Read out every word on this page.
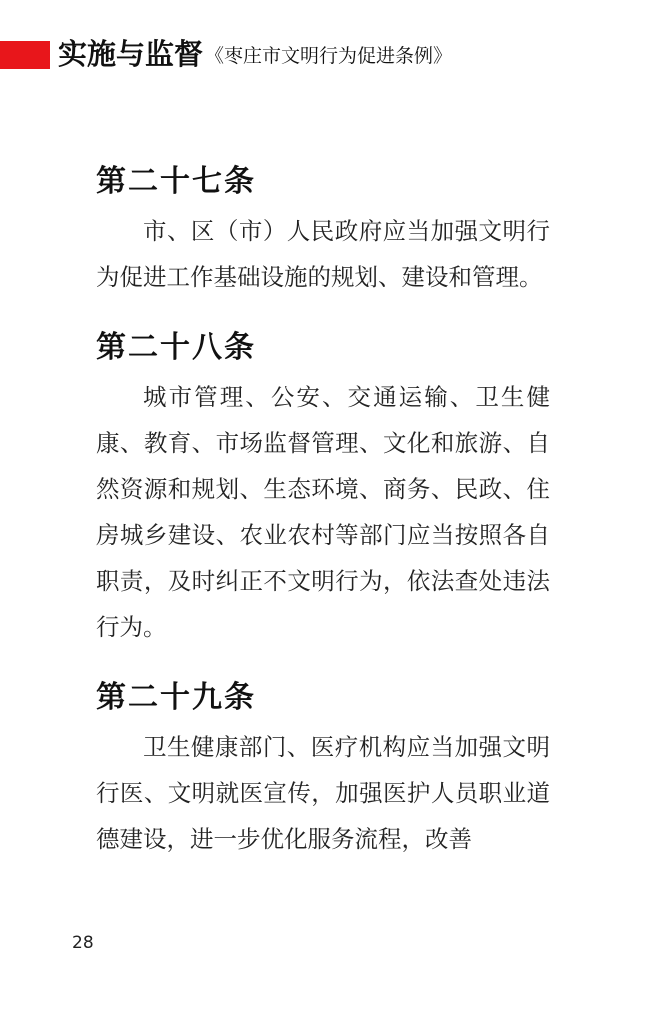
实施与监督 《枣庄市文明行为促进条例》
第二十七条

市、区（市）人民政府应当加强文明行为促进工作基础设施的规划、建设和管理。

第二十八条

城市管理、公安、交通运输、卫生健康、教育、市场监督管理、文化和旅游、自然资源和规划、生态环境、商务、民政、住房城乡建设、农业农村等部门应当按照各自职责，及时纠正不文明行为，依法查处违法行为。

第二十九条

卫生健康部门、医疗机构应当加强文明行医、文明就医宣传，加强医护人员职业道德建设，进一步优化服务流程，改善

28
